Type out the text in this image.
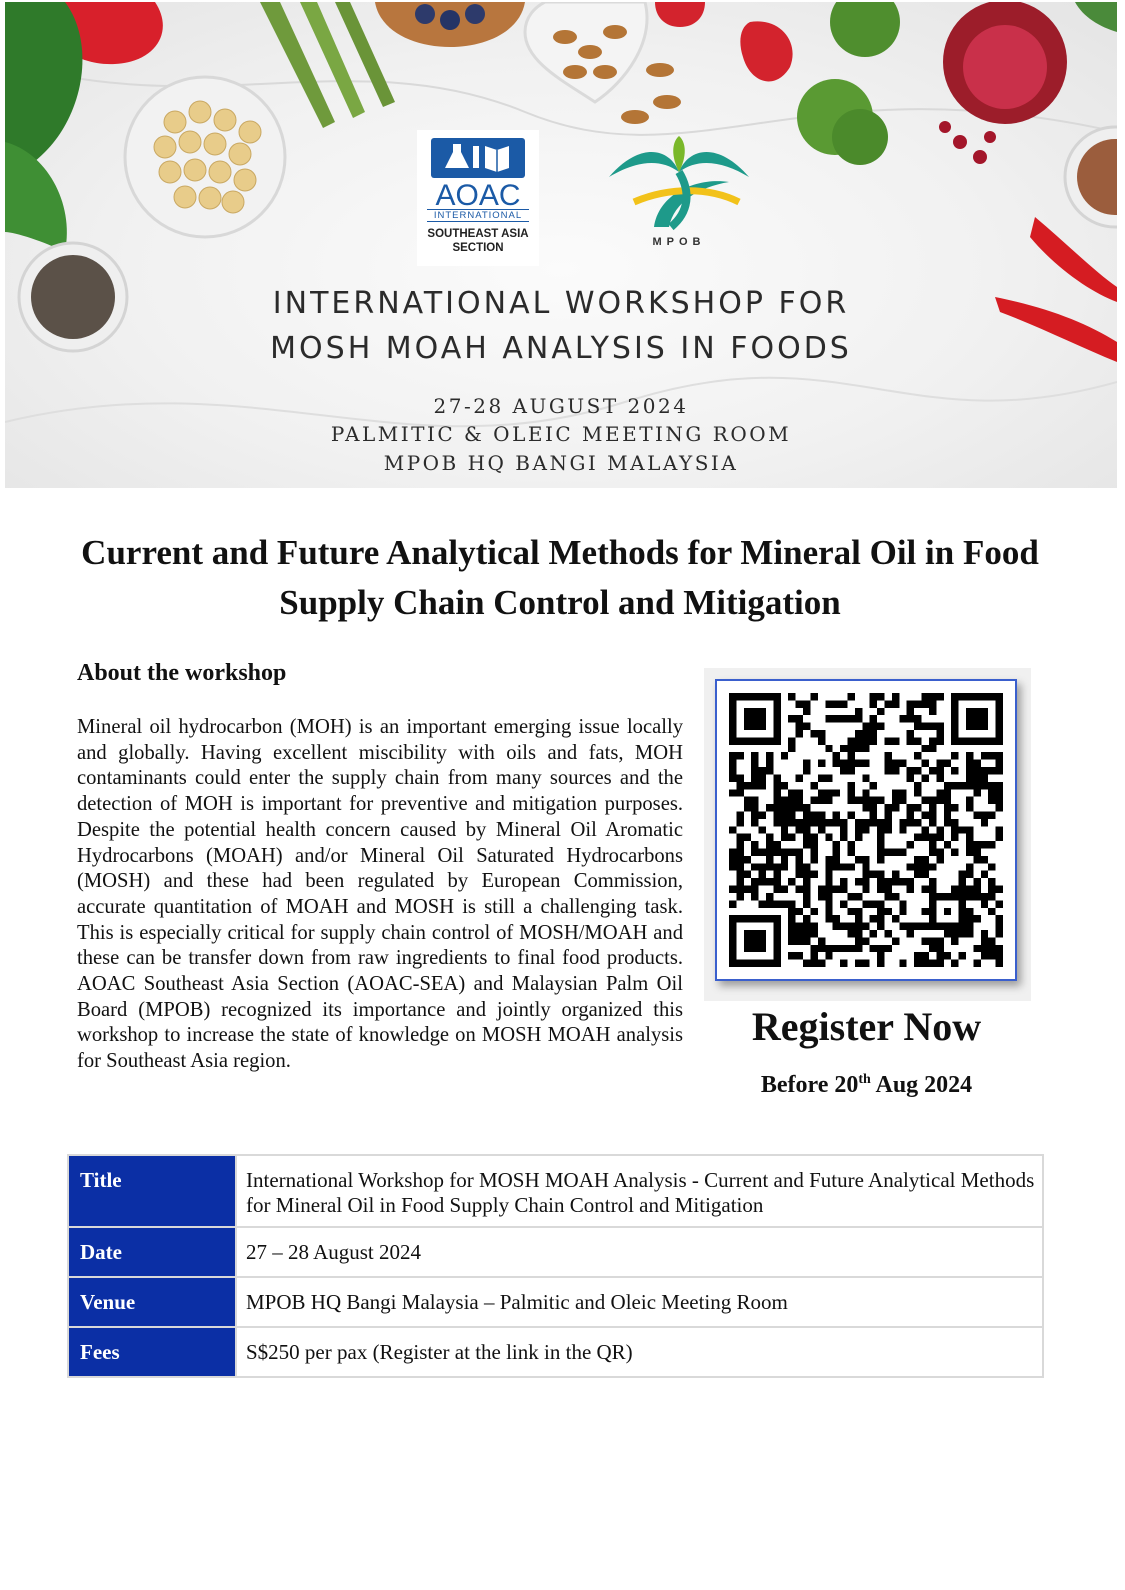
AOAC
INTERNATIONAL
SOUTHEAST ASIA
SECTION	MPOB
INTERNATIONAL WORKSHOP FOR
MOSH MOAH ANALYSIS IN FOODS
27-28 AUGUST 2024
PALMITIC & OLEIC MEETING ROOM
MPOB HQ BANGI MALAYSIA
Current and Future Analytical Methods for Mineral Oil in Food Supply Chain Control and Mitigation
About the workshop
Mineral oil hydrocarbon (MOH) is an important emerging issue locally and globally. Having excellent miscibility with oils and fats, MOH contaminants could enter the supply chain from many sources and the detection of MOH is important for preventive and mitigation purposes. Despite the potential health concern caused by Mineral Oil Aromatic Hydrocarbons (MOAH) and/or Mineral Oil Saturated Hydrocarbons (MOSH) and these had been regulated by European Commission, accurate quantitation of MOAH and MOSH is still a challenging task. This is especially critical for supply chain control of MOSH/MOAH and these can be transfer down from raw ingredients to final food products. AOAC Southeast Asia Section (AOAC-SEA) and Malaysian Palm Oil Board (MPOB) recognized its importance and jointly organized this workshop to increase the state of knowledge on MOSH MOAH analysis for Southeast Asia region.
Register Now
Before 20th Aug 2024
Title	International Workshop for MOSH MOAH Analysis - Current and Future Analytical Methods for Mineral Oil in Food Supply Chain Control and Mitigation
Date	27 – 28 August 2024
Venue	MPOB HQ Bangi Malaysia – Palmitic and Oleic Meeting Room
Fees	S$250 per pax (Register at the link in the QR)
